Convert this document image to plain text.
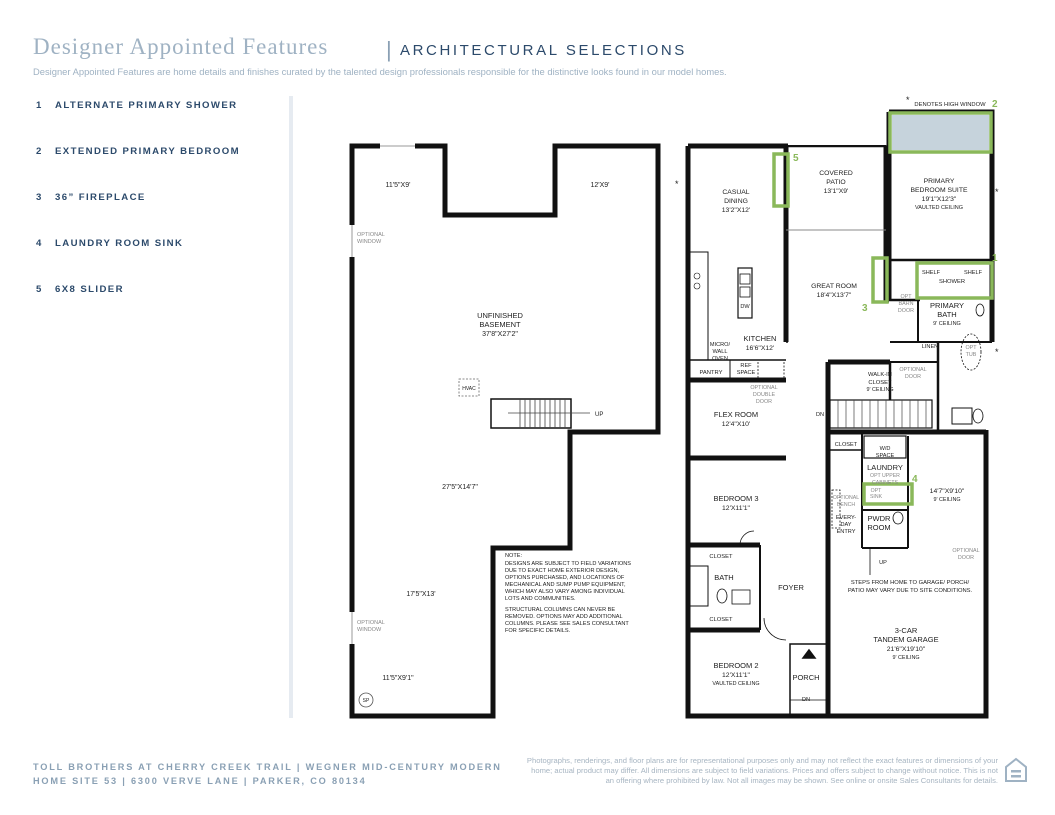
Designer Appointed Features	| ARCHITECTURAL SELECTIONS
Designer Appointed Features are home details and finishes curated by the talented design professionals responsible for the distinctive looks found in our model homes.
1 ALTERNATE PRIMARY SHOWER
2 EXTENDED PRIMARY BEDROOM
3 36” FIREPLACE
4 LAUNDRY ROOM SINK
5 6X8 SLIDER
11'5"X9'	12'X9'
OPTIONAL
WINDOW
UNFINISHED
BASEMENT
37'8"X27'2"
HVAC
UP
27'5"X14'7"
17'5"X13'
OPTIONAL
WINDOW
11'5"X9'1"
SP
NOTE:
DESIGNS ARE SUBJECT TO FIELD VARIATIONS
DUE TO EXACT HOME EXTERIOR DESIGN,
OPTIONS PURCHASED, AND LOCATIONS OF
MECHANICAL AND SUMP PUMP EQUIPMENT,
WHICH MAY ALSO VARY AMONG INDIVIDUAL
LOTS AND COMMUNITIES.
STRUCTURAL COLUMNS CAN NEVER BE
REMOVED. OPTIONS MAY ADD ADDITIONAL
COLUMNS. PLEASE SEE SALES CONSULTANT
FOR SPECIFIC DETAILS.
*
*
*
*
1
2
3
4
5
DENOTES HIGH WINDOW
CASUAL
DINING
13'2"X12'
COVERED
PATIO
13'1"X9'
PRIMARY
BEDROOM SUITE
19'1"X12'3"
VAULTED CEILING
GREAT ROOM
18'4"X13'7"
SHELF	SHELF
SHOWER
OPT
BARN
DOOR
PRIMARY
BATH
9' CEILING
LINEN	OPT
TUB
DW
MICRO/
WALL
OVEN
KITCHEN
16'6"X12'
PANTRY
REF
SPACE	WALK-IN
CLOSET
9' CEILING
OPTIONAL
DOOR
OPTIONAL
DOUBLE
DOOR
FLEX ROOM
12'4"X10'
DN
CLOSET
W/D
SPACE
LAUNDRY
OPT UPPER
CABINETS
OPT
SINK
BEDROOM 3
12'X11'1"
OPTIONAL
BENCH
EVERY-
DAY
ENTRY
PWDR
ROOM
14'7"X9'10"
9' CEILING
CLOSET
UP
OPTIONAL
DOOR
BATH
FOYER	STEPS FROM HOME TO GARAGE/ PORCH/
PATIO MAY VARY DUE TO SITE CONDITIONS.
CLOSET
3-CAR
TANDEM GARAGE
21'6"X19'10"
9' CEILING
BEDROOM 2
12'X11'1"
VAULTED CEILING
PORCH
DN
TOLL BROTHERS AT CHERRY CREEK TRAIL | WEGNER MID-CENTURY MODERN
HOME SITE 53 | 6300 VERVE LANE | PARKER, CO 80134
Photographs, renderings, and floor plans are for representational purposes only and may not reflect the exact features or dimensions of your home; actual product may differ. All dimensions are subject to field variations. Prices and offers subject to change without notice. This is not an offering where prohibited by law. Not all images may be shown. See online or onsite Sales Consultants for details.
